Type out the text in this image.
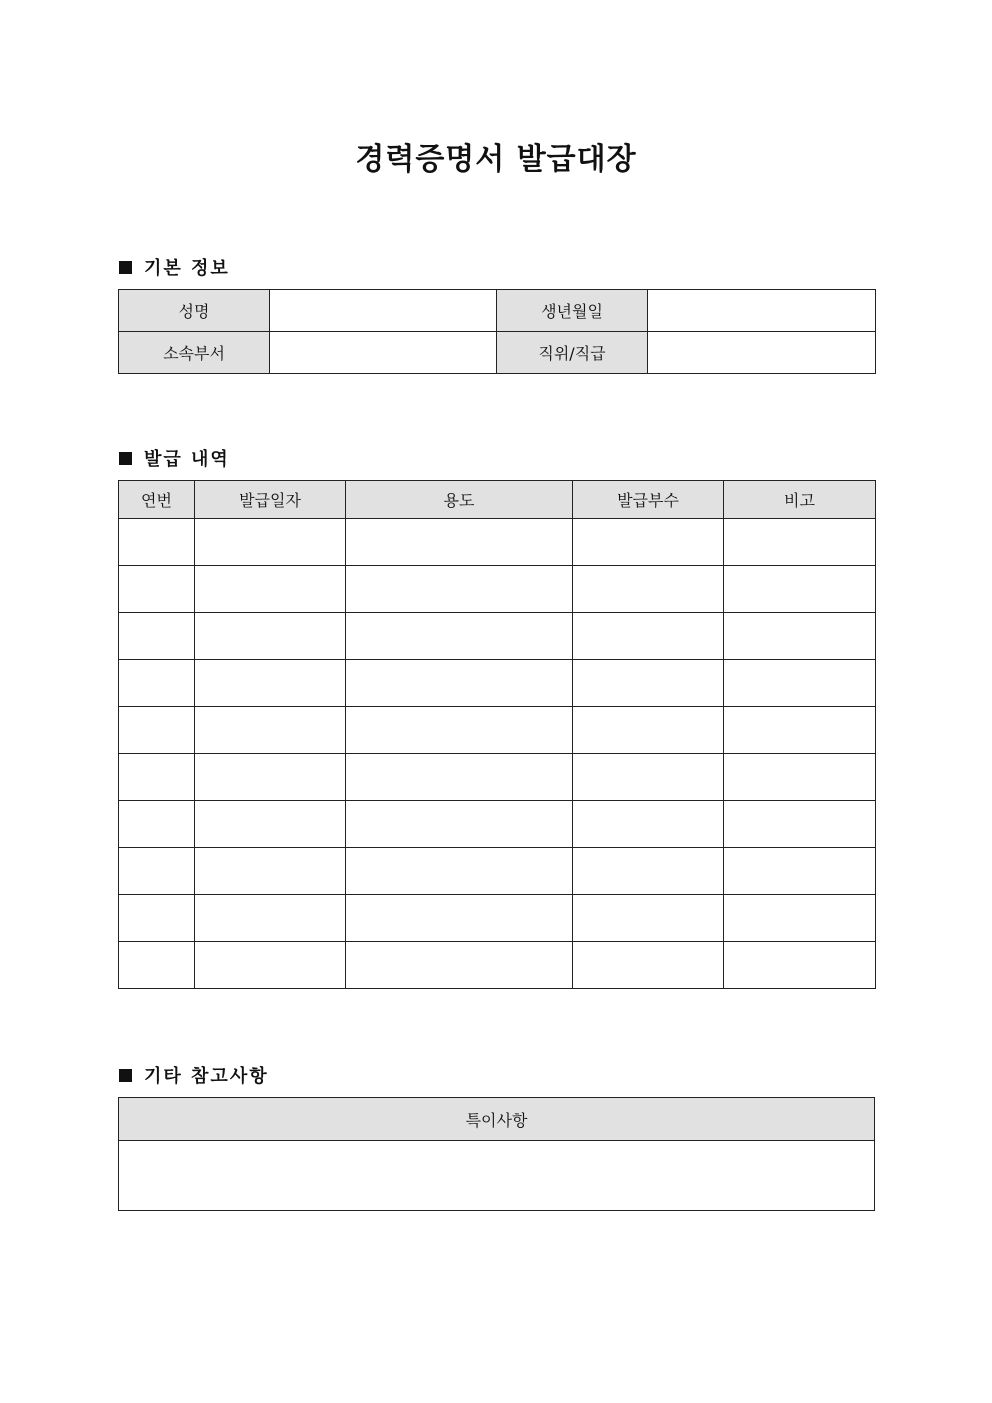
경력증명서 발급대장
기본 정보
성명		생년월일	
소속부서		직위/직급	
발급 내역
연번	발급일자	용도	발급부수	비고

기타 참고사항
특이사항
